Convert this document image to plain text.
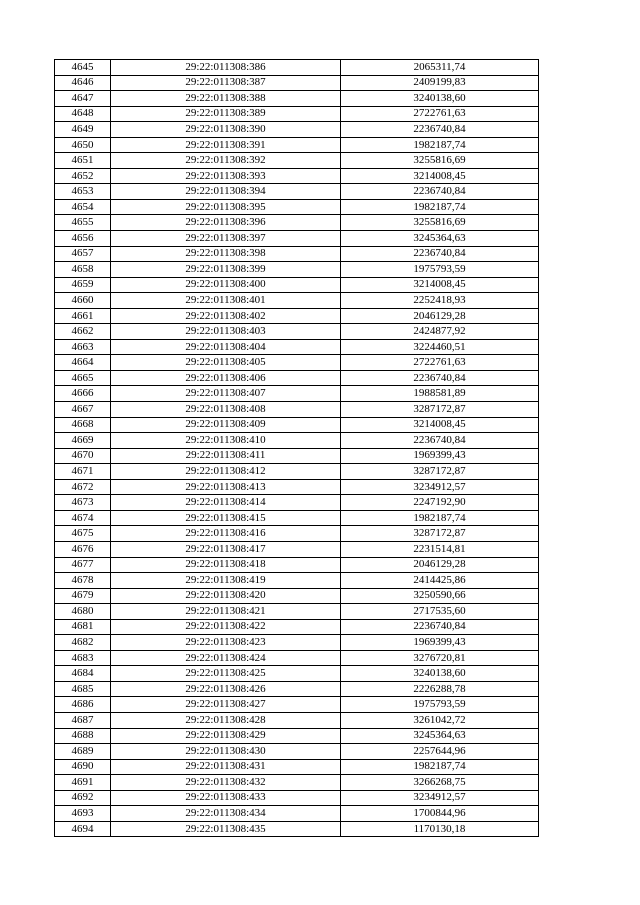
4645	29:22:011308:386	2065311,74
4646	29:22:011308:387	2409199,83
4647	29:22:011308:388	3240138,60
4648	29:22:011308:389	2722761,63
4649	29:22:011308:390	2236740,84
4650	29:22:011308:391	1982187,74
4651	29:22:011308:392	3255816,69
4652	29:22:011308:393	3214008,45
4653	29:22:011308:394	2236740,84
4654	29:22:011308:395	1982187,74
4655	29:22:011308:396	3255816,69
4656	29:22:011308:397	3245364,63
4657	29:22:011308:398	2236740,84
4658	29:22:011308:399	1975793,59
4659	29:22:011308:400	3214008,45
4660	29:22:011308:401	2252418,93
4661	29:22:011308:402	2046129,28
4662	29:22:011308:403	2424877,92
4663	29:22:011308:404	3224460,51
4664	29:22:011308:405	2722761,63
4665	29:22:011308:406	2236740,84
4666	29:22:011308:407	1988581,89
4667	29:22:011308:408	3287172,87
4668	29:22:011308:409	3214008,45
4669	29:22:011308:410	2236740,84
4670	29:22:011308:411	1969399,43
4671	29:22:011308:412	3287172,87
4672	29:22:011308:413	3234912,57
4673	29:22:011308:414	2247192,90
4674	29:22:011308:415	1982187,74
4675	29:22:011308:416	3287172,87
4676	29:22:011308:417	2231514,81
4677	29:22:011308:418	2046129,28
4678	29:22:011308:419	2414425,86
4679	29:22:011308:420	3250590,66
4680	29:22:011308:421	2717535,60
4681	29:22:011308:422	2236740,84
4682	29:22:011308:423	1969399,43
4683	29:22:011308:424	3276720,81
4684	29:22:011308:425	3240138,60
4685	29:22:011308:426	2226288,78
4686	29:22:011308:427	1975793,59
4687	29:22:011308:428	3261042,72
4688	29:22:011308:429	3245364,63
4689	29:22:011308:430	2257644,96
4690	29:22:011308:431	1982187,74
4691	29:22:011308:432	3266268,75
4692	29:22:011308:433	3234912,57
4693	29:22:011308:434	1700844,96
4694	29:22:011308:435	1170130,18
